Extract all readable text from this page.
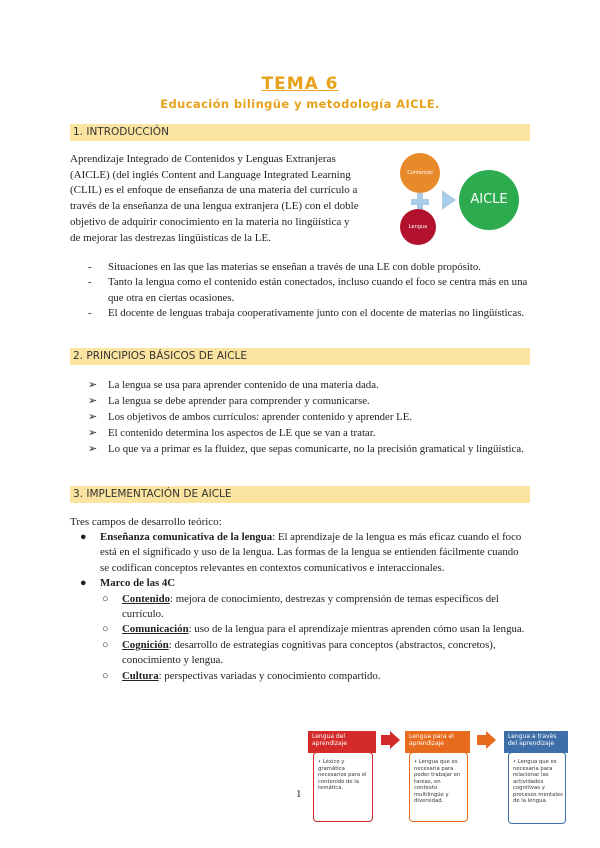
TEMA 6
Educación bilingüe y metodología AICLE.
1. INTRODUCCIÓN
Aprendizaje Integrado de Contenidos y Lenguas Extranjeras
(AICLE) (del inglés Content and Language Integrated Learning
(CLIL) es el enfoque de enseñanza de una materia del currículo a
través de la enseñanza de una lengua extranjera (LE) con el doble
objetivo de adquirir conocimiento en la materia no lingüística y
de mejorar las destrezas lingüísticas de la LE.
Contenido
Lengua
AICLE
- Situaciones en las que las materias se enseñan a través de una LE con doble propósito.
- Tanto la lengua como el contenido están conectados, incluso cuando el foco se centra más en una que otra en ciertas ocasiones.
- El docente de lenguas trabaja cooperativamente junto con el docente de materias no lingüísticas.
2. PRINCIPIOS BÁSICOS DE AICLE
➢ La lengua se usa para aprender contenido de una materia dada.
➢ La lengua se debe aprender para comprender y comunicarse.
➢ Los objetivos de ambos currículos: aprender contenido y aprender LE.
➢ El contenido determina los aspectos de LE que se van a tratar.
➢ Lo que va a primar es la fluidez, que sepas comunicarte, no la precisión gramatical y lingüística.
3. IMPLEMENTACIÓN DE AICLE
Tres campos de desarrollo teórico:
● Enseñanza comunicativa de la lengua: El aprendizaje de la lengua es más eficaz cuando el foco está en el significado y uso de la lengua. Las formas de la lengua se entienden fácilmente cuando se codifican conceptos relevantes en contextos comunicativos e interaccionales.
● Marco de las 4C
○ Contenido: mejora de conocimiento, destrezas y comprensión de temas específicos del currículo.
○ Comunicación: uso de la lengua para el aprendizaje mientras aprenden cómo usan la lengua.
○ Cognición: desarrollo de estrategias cognitivas para conceptos (abstractos, concretos), conocimiento y lengua.
○ Cultura: perspectivas variadas y conocimiento compartido.
Lengua del aprendizaje
• Léxico y gramática necesarios para el contenido de la temática.
Lengua para el aprendizaje
• Lengua que es necesaria para poder trabajar en tareas, en contexto multilingüe y diversidad.
Lengua a través del aprendizaje
• Lengua que es necesaria para relacionar las actividades cognitivas y procesos mentales de la lengua.
1
